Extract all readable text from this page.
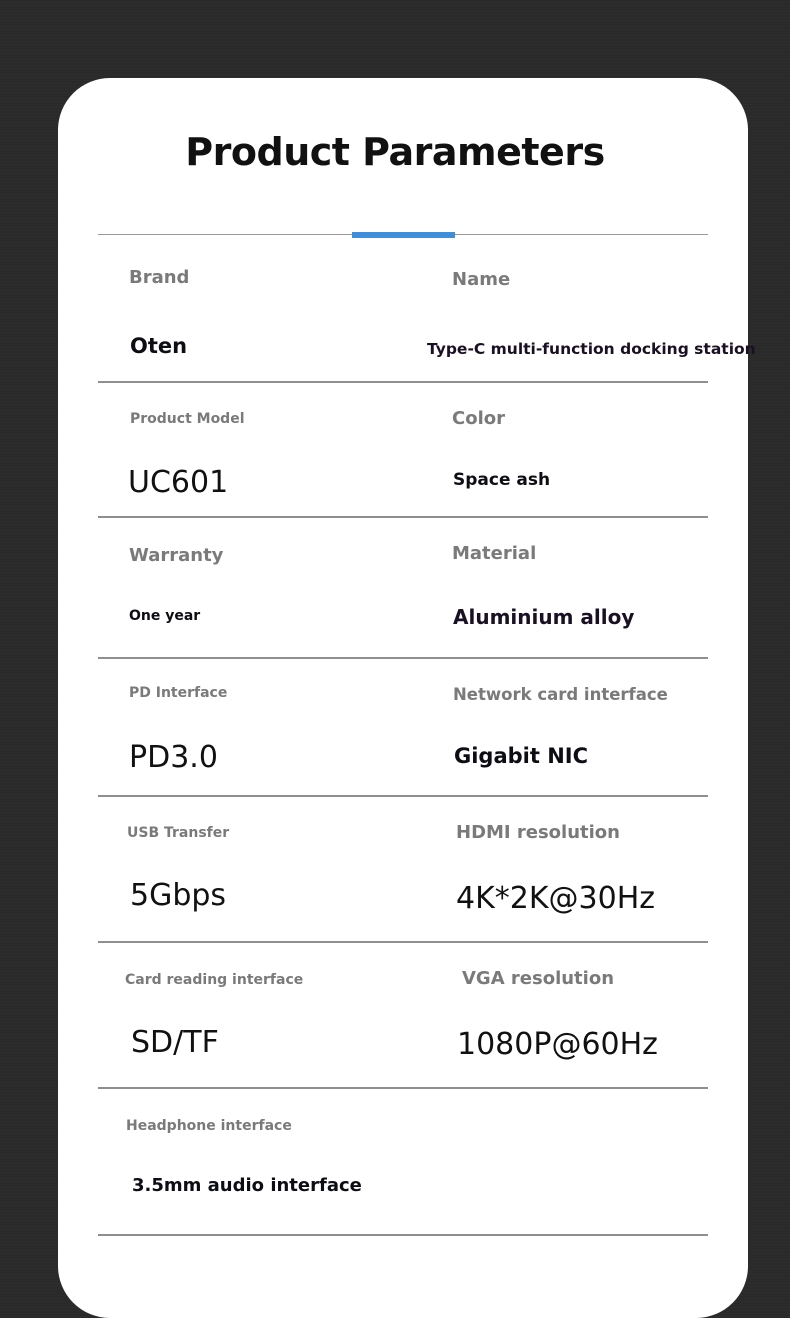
Product Parameters
Brand
Oten
Name
Type-C multi-function docking station
Product Model
UC601
Color
Space ash
Warranty
One year
Material
Aluminium alloy
PD Interface
PD3.0
Network card interface
Gigabit NIC
USB Transfer
5Gbps
HDMI resolution
4K*2K@30Hz
Card reading interface
SD/TF
VGA resolution
1080P@60Hz
Headphone interface
3.5mm audio interface
